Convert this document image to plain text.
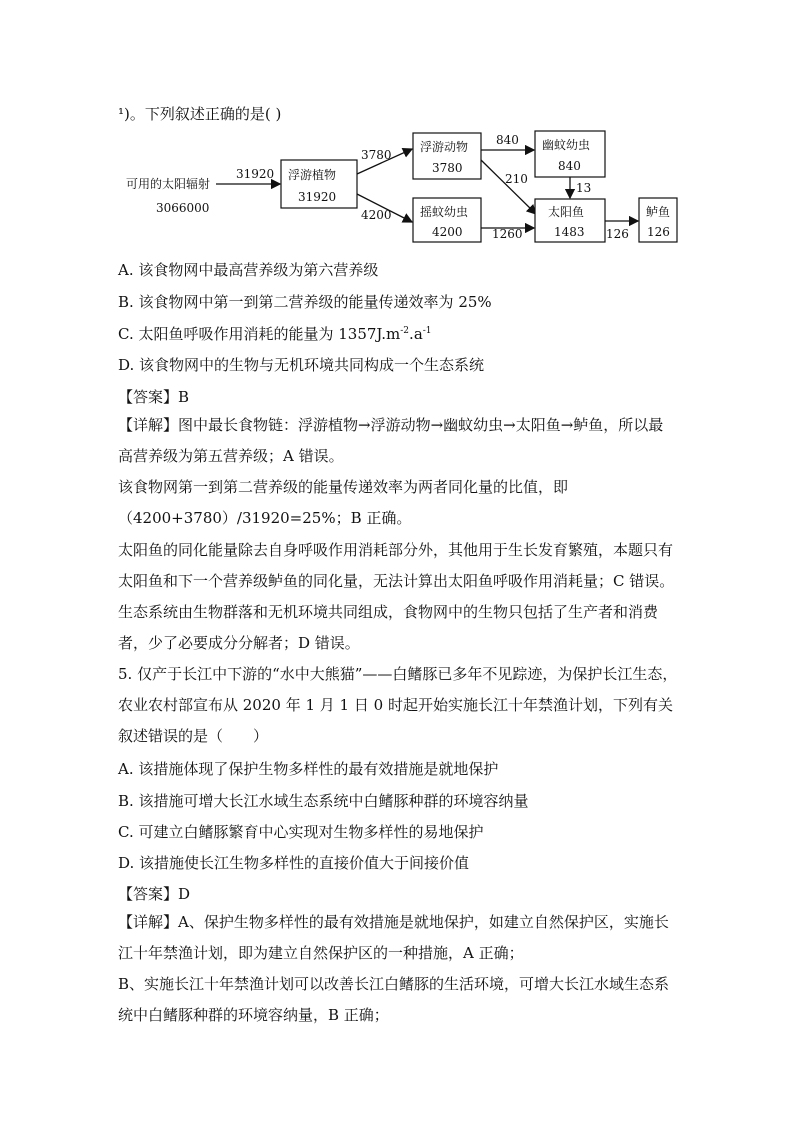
¹)。下列叙述正确的是( )
可用的太阳辐射
3066000
31920 浮游植物
31920
3780
4200
浮游动物
3780
摇蚊幼虫
4200
840
210
1260
幽蚊幼虫
840
13
太阳鱼
1483 126
鲈鱼
126
A. 该食物网中最高营养级为第六营养级
B. 该食物网中第一到第二营养级的能量传递效率为 25%
C. 太阳鱼呼吸作用消耗的能量为 $1357J.m^{-2}.a^{-1}$
D. 该食物网中的生物与无机环境共同构成一个生态系统
【答案】B
【详解】图中最长食物链：浮游植物→浮游动物→幽蚊幼虫→太阳鱼→鲈鱼，所以最高营养级为第五营养级；A 错误。
该食物网第一到第二营养级的能量传递效率为两者同化量的比值，即（4200+3780）/31920=25%；B 正确。
太阳鱼的同化能量除去自身呼吸作用消耗部分外，其他用于生长发育繁殖，本题只有太阳鱼和下一个营养级鲈鱼的同化量，无法计算出太阳鱼呼吸作用消耗量；C 错误。生态系统由生物群落和无机环境共同组成，食物网中的生物只包括了生产者和消费者，少了必要成分分解者；D 错误。
5. 仅产于长江中下游的“水中大熊猫”——白鳍豚已多年不见踪迹，为保护长江生态，农业农村部宣布从 2020 年 1 月 1 日 0 时起开始实施长江十年禁渔计划，下列有关叙述错误的是（　　）
A. 该措施体现了保护生物多样性的最有效措施是就地保护
B. 该措施可增大长江水域生态系统中白鳍豚种群的环境容纳量
C. 可建立白鳍豚繁育中心实现对生物多样性的易地保护
D. 该措施使长江生物多样性的直接价值大于间接价值
【答案】D
【详解】A、保护生物多样性的最有效措施是就地保护，如建立自然保护区，实施长江十年禁渔计划，即为建立自然保护区的一种措施，A 正确；
B、实施长江十年禁渔计划可以改善长江白鳍豚的生活环境，可增大长江水域生态系统中白鳍豚种群的环境容纳量，B 正确；
